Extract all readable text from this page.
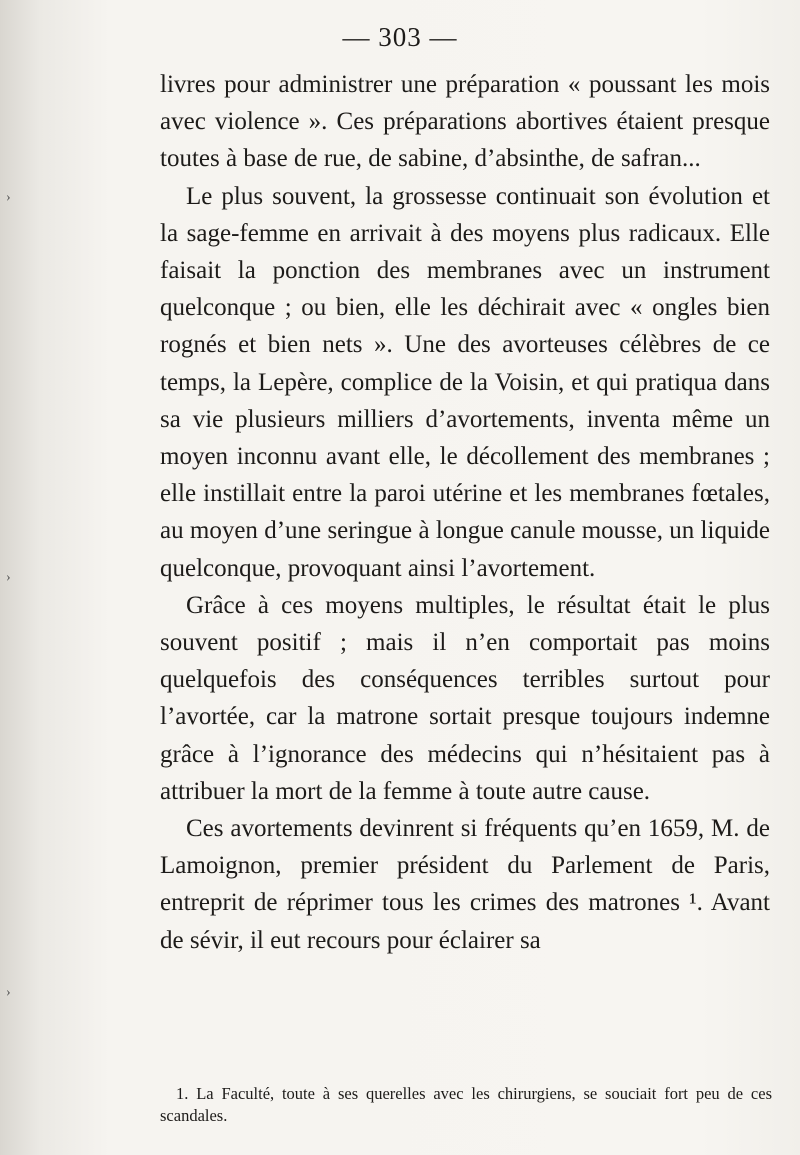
›
›
›
— 303 —

livres pour administrer une préparation « poussant les mois avec violence ». Ces préparations abortives étaient presque toutes à base de rue, de sabine, d’absinthe, de safran...

Le plus souvent, la grossesse continuait son évolution et la sage-femme en arrivait à des moyens plus radicaux. Elle faisait la ponction des membranes avec un instrument quelconque ; ou bien, elle les déchirait avec « ongles bien rognés et bien nets ». Une des avorteuses célèbres de ce temps, la Lepère, complice de la Voisin, et qui pratiqua dans sa vie plusieurs milliers d’avortements, inventa même un moyen inconnu avant elle, le décollement des membranes ; elle instillait entre la paroi utérine et les membranes fœtales, au moyen d’une seringue à longue canule mousse, un liquide quelconque, provoquant ainsi l’avortement.

Grâce à ces moyens multiples, le résultat était le plus souvent positif ; mais il n’en comportait pas moins quelquefois des conséquences terribles surtout pour l’avortée, car la matrone sortait presque toujours indemne grâce à l’ignorance des médecins qui n’hésitaient pas à attribuer la mort de la femme à toute autre cause.

Ces avortements devinrent si fréquents qu’en 1659, M. de Lamoignon, premier président du Parlement de Paris, entreprit de réprimer tous les crimes des matrones ¹. Avant de sévir, il eut recours pour éclairer sa

1. La Faculté, toute à ses querelles avec les chirurgiens, se souciait fort peu de ces scandales.
